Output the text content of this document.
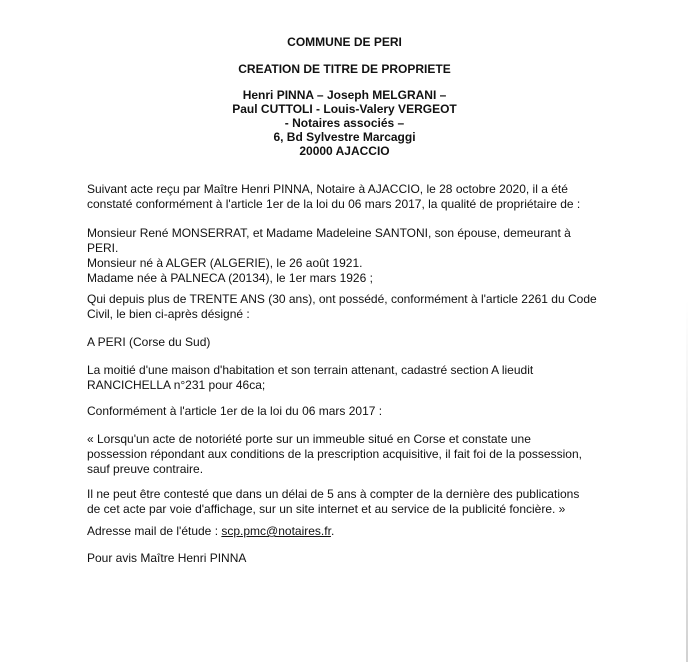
COMMUNE DE PERI
CREATION DE TITRE DE PROPRIETE
Henri PINNA – Joseph MELGRANI –
Paul CUTTOLI - Louis-Valery VERGEOT
- Notaires associés –
6, Bd Sylvestre Marcaggi
20000 AJACCIO
Suivant acte reçu par Maître Henri PINNA, Notaire à AJACCIO, le 28 octobre 2020, il a été
constaté conformément à l'article 1er de la loi du 06 mars 2017, la qualité de propriétaire de :
Monsieur René MONSERRAT, et Madame Madeleine SANTONI, son épouse, demeurant à
PERI.
Monsieur né à ALGER (ALGERIE), le 26 août 1921.
Madame née à PALNECA (20134), le 1er mars 1926 ;
Qui depuis plus de TRENTE ANS (30 ans), ont possédé, conformément à l'article 2261 du Code
Civil, le bien ci-après désigné :
A PERI (Corse du Sud)
La moitié d'une maison d'habitation et son terrain attenant, cadastré section A lieudit
RANCICHELLA n°231 pour 46ca;
Conformément à l'article 1er de la loi du 06 mars 2017 :
« Lorsqu'un acte de notoriété porte sur un immeuble situé en Corse et constate une
possession répondant aux conditions de la prescription acquisitive, il fait foi de la possession,
sauf preuve contraire.
Il ne peut être contesté que dans un délai de 5 ans à compter de la dernière des publications
de cet acte par voie d'affichage, sur un site internet et au service de la publicité foncière. »
Adresse mail de l'étude : scp.pmc@notaires.fr.
Pour avis Maître Henri PINNA
